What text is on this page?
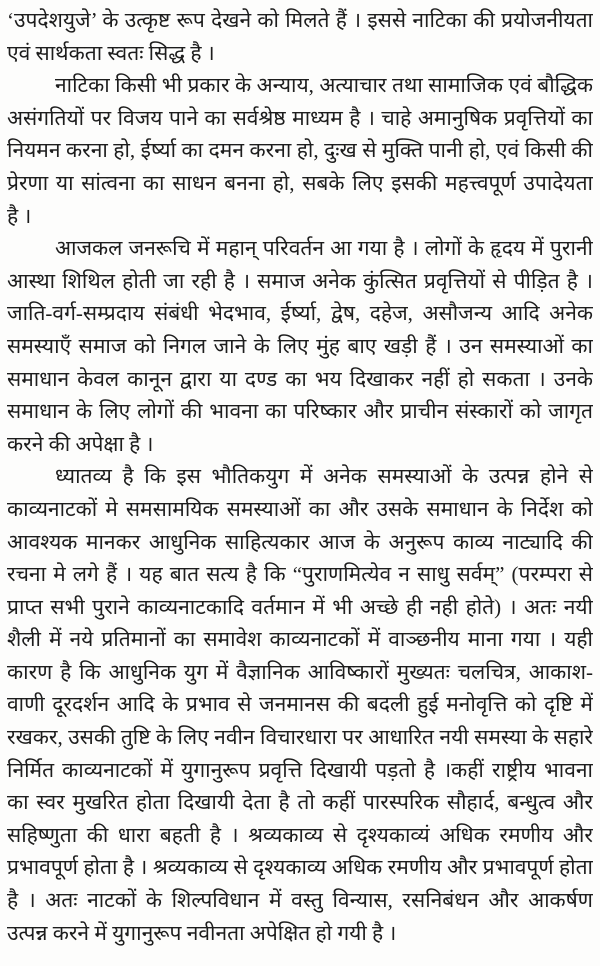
‘उपदेशयुजे’ के उत्कृष्ट रूप देखने को मिलते हैं । इससे नाटिका की प्रयोजनीयता
एवं सार्थकता स्वतः सिद्ध है ।
नाटिका किसी भी प्रकार के अन्याय, अत्याचार तथा सामाजिक एवं बौद्धिक
असंगतियों पर विजय पाने का सर्वश्रेष्ठ माध्यम है । चाहे अमानुषिक प्रवृत्तियों का
नियमन करना हो, ईर्ष्या का दमन करना हो, दुःख से मुक्ति पानी हो, एवं किसी की
प्रेरणा या सांत्वना का साधन बनना हो, सबके लिए इसकी महत्त्वपूर्ण उपादेयता
है ।
आजकल जनरूचि में महान् परिवर्तन आ गया है । लोगों के हृदय में पुरानी
आस्था शिथिल होती जा रही है । समाज अनेक कुंत्सित प्रवृत्तियों से पीड़ित है ।
जाति-वर्ग-सम्प्रदाय संबंधी भेदभाव, ईर्ष्या, द्वेष, दहेज, असौजन्य आदि अनेक
समस्याएँ समाज को निगल जाने के लिए मुंह बाए खड़ी हैं । उन समस्याओं का
समाधान केवल कानून द्वारा या दण्ड का भय दिखाकर नहीं हो सकता । उनके
समाधान के लिए लोगों की भावना का परिष्कार और प्राचीन संस्कारों को जागृत
करने की अपेक्षा है ।
ध्यातव्य है कि इस भौतिकयुग में अनेक समस्याओं के उत्पन्न होने से
काव्यनाटकों मे समसामयिक समस्याओं का और उसके समाधान के निर्देश को
आवश्यक मानकर आधुनिक साहित्यकार आज के अनुरूप काव्य नाट्यादि की
रचना मे लगे हैं । यह बात सत्य है कि “पुराणमित्येव न साधु सर्वम्” (परम्परा से
प्राप्त सभी पुराने काव्यनाटकादि वर्तमान में भी अच्छे ही नही होते) । अतः नयी
शैली में नये प्रतिमानों का समावेश काव्यनाटकों में वाञ्छनीय माना गया । यही
कारण है कि आधुनिक युग में वैज्ञानिक आविष्कारों मुख्यतः चलचित्र, आकाश-
वाणी दूरदर्शन आदि के प्रभाव से जनमानस की बदली हुई मनोवृत्ति को दृष्टि में
रखकर, उसकी तुष्टि के लिए नवीन विचारधारा पर आधारित नयी समस्या के सहारे
निर्मित काव्यनाटकों में युगानुरूप प्रवृत्ति दिखायी पड़तो है ।कहीं राष्ट्रीय भावना
का स्वर मुखरित होता दिखायी देता है तो कहीं पारस्परिक सौहार्द, बन्धुत्व और
सहिष्णुता की धारा बहती है । श्रव्यकाव्य से दृश्यकाव्यं अधिक रमणीय और
प्रभावपूर्ण होता है । श्रव्यकाव्य से दृश्यकाव्य अधिक रमणीय और प्रभावपूर्ण होता
है । अतः नाटकों के शिल्पविधान में वस्तु विन्यास, रसनिबंधन और आकर्षण
उत्पन्न करने में युगानुरूप नवीनता अपेक्षित हो गयी है ।
